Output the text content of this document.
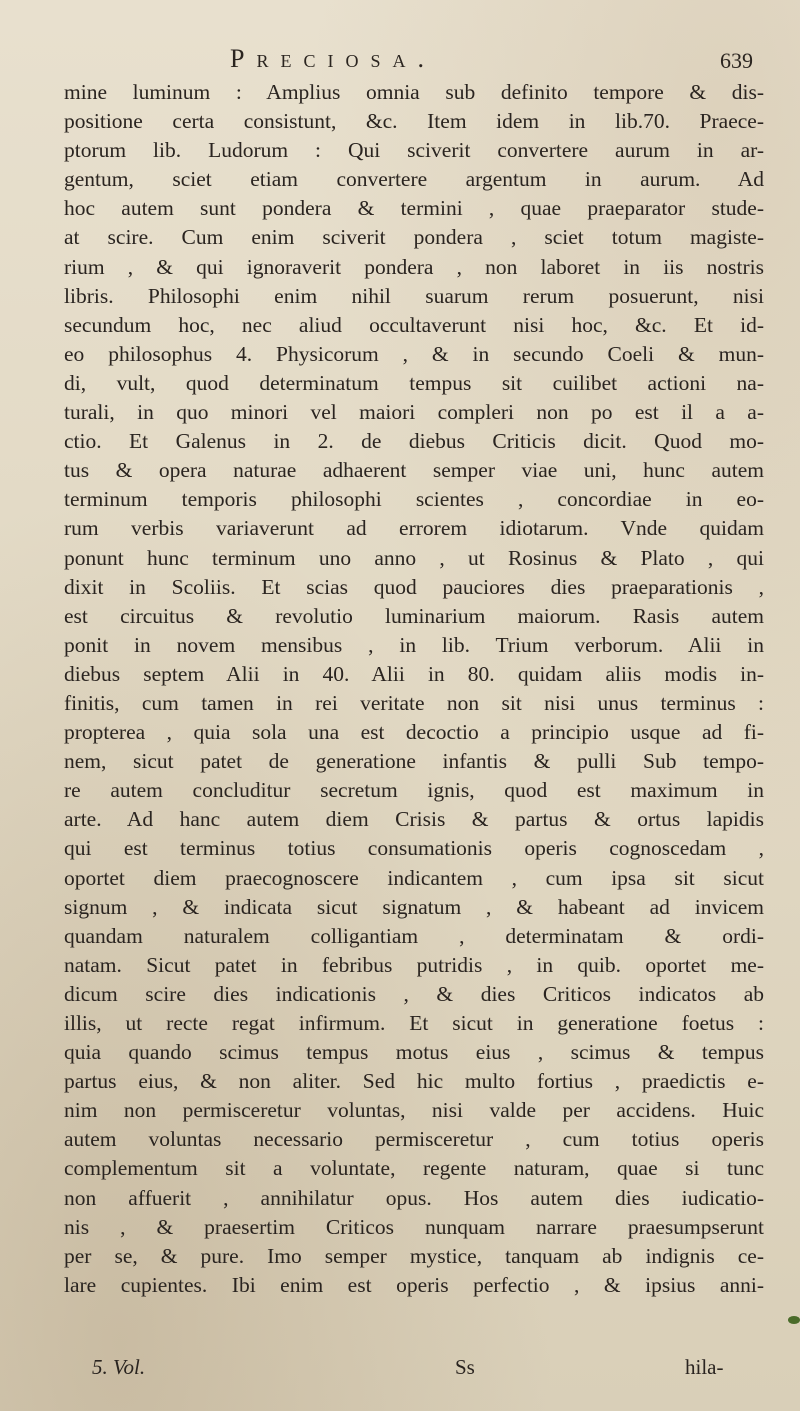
Preciosa.	639
mine luminum : Amplius omnia sub definito tempore & dis-
positione certa consistunt, &c. Item idem in lib.70. Praece-
ptorum lib. Ludorum : Qui sciverit convertere aurum in ar-
gentum, sciet etiam convertere argentum in aurum. Ad
hoc autem sunt pondera & termini , quae praeparator stude-
at scire. Cum enim sciverit pondera , sciet totum magiste-
rium , & qui ignoraverit pondera , non laboret in iis nostris
libris. Philosophi enim nihil suarum rerum posuerunt, nisi
secundum hoc, nec aliud occultaverunt nisi hoc, &c. Et id-
eo philosophus 4. Physicorum , & in secundo Coeli & mun-
di, vult, quod determinatum tempus sit cuilibet actioni na-
turali, in quo minori vel maiori compleri non po est il a a-
ctio. Et Galenus in 2. de diebus Criticis dicit. Quod mo-
tus & opera naturae adhaerent semper viae uni, hunc autem
terminum temporis philosophi scientes , concordiae in eo-
rum verbis variaverunt ad errorem idiotarum. Vnde quidam
ponunt hunc terminum uno anno , ut Rosinus & Plato , qui
dixit in Scoliis. Et scias quod pauciores dies praeparationis ,
est circuitus & revolutio luminarium maiorum. Rasis autem
ponit in novem mensibus , in lib. Trium verborum. Alii in
diebus septem Alii in 40. Alii in 80. quidam aliis modis in-
finitis, cum tamen in rei veritate non sit nisi unus terminus :
propterea , quia sola una est decoctio a principio usque ad fi-
nem, sicut patet de generatione infantis & pulli Sub tempo-
re autem concluditur secretum ignis, quod est maximum in
arte. Ad hanc autem diem Crisis & partus & ortus lapidis
qui est terminus totius consumationis operis cognoscedam ,
oportet diem praecognoscere indicantem , cum ipsa sit sicut
signum , & indicata sicut signatum , & habeant ad invicem
quandam naturalem colligantiam , determinatam & ordi-
natam. Sicut patet in febribus putridis , in quib. oportet me-
dicum scire dies indicationis , & dies Criticos indicatos ab
illis, ut recte regat infirmum. Et sicut in generatione foetus :
quia quando scimus tempus motus eius , scimus & tempus
partus eius, & non aliter. Sed hic multo fortius , praedictis e-
nim non permisceretur voluntas, nisi valde per accidens. Huic
autem voluntas necessario permisceretur , cum totius operis
complementum sit a voluntate, regente naturam, quae si tunc
non affuerit , annihilatur opus. Hos autem dies iudicatio-
nis , & praesertim Criticos nunquam narrare praesumpserunt
per se, & pure. Imo semper mystice, tanquam ab indignis ce-
lare cupientes. Ibi enim est operis perfectio , & ipsius anni-
5. Vol.	Ss	hila-
